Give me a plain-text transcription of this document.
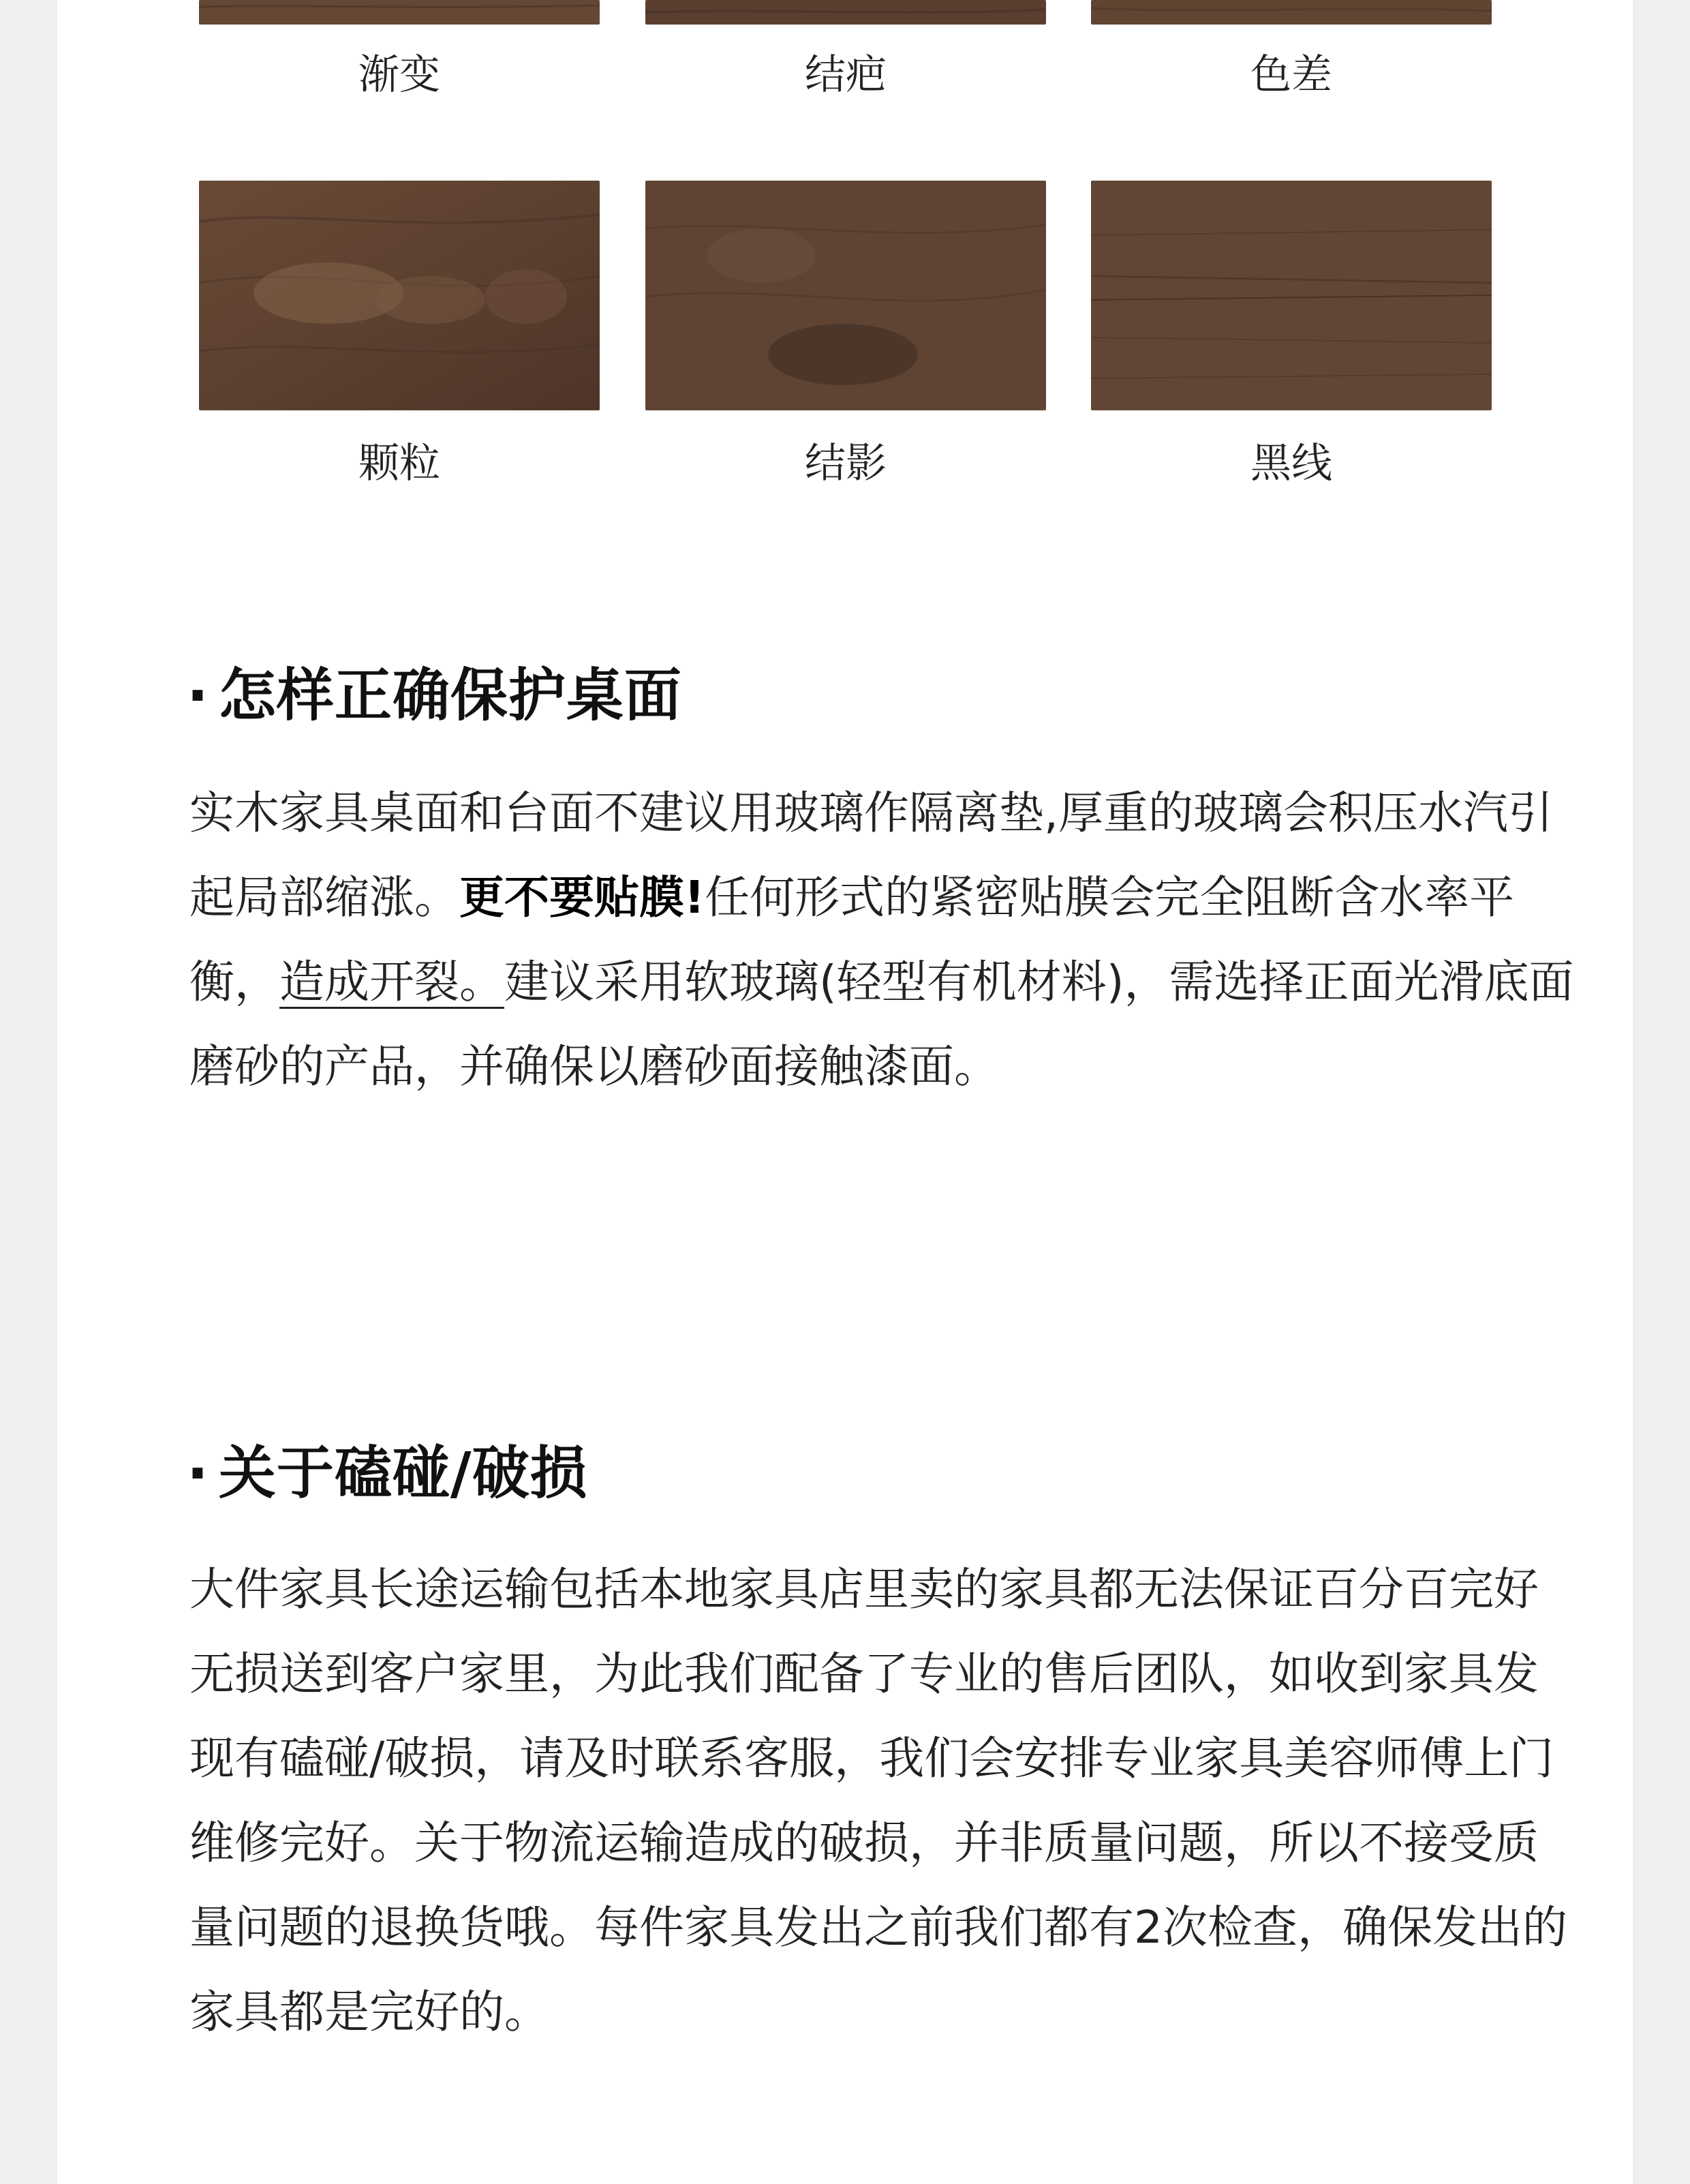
渐变	结疤	色差
颗粒	结影	黑线
· 怎样正确保护桌面
实木家具桌面和台面不建议用玻璃作隔离垫,厚重的玻璃会积压水汽引起局部缩涨。更不要贴膜!任何形式的紧密贴膜会完全阻断含水率平衡，造成开裂。建议采用软玻璃(轻型有机材料)，需选择正面光滑底面磨砂的产品，并确保以磨砂面接触漆面。
· 关于磕碰/破损
大件家具长途运输包括本地家具店里卖的家具都无法保证百分百完好无损送到客户家里，为此我们配备了专业的售后团队，如收到家具发现有磕碰/破损，请及时联系客服，我们会安排专业家具美容师傅上门维修完好。关于物流运输造成的破损，并非质量问题，所以不接受质量问题的退换货哦。每件家具发出之前我们都有2次检查，确保发出的家具都是完好的。
